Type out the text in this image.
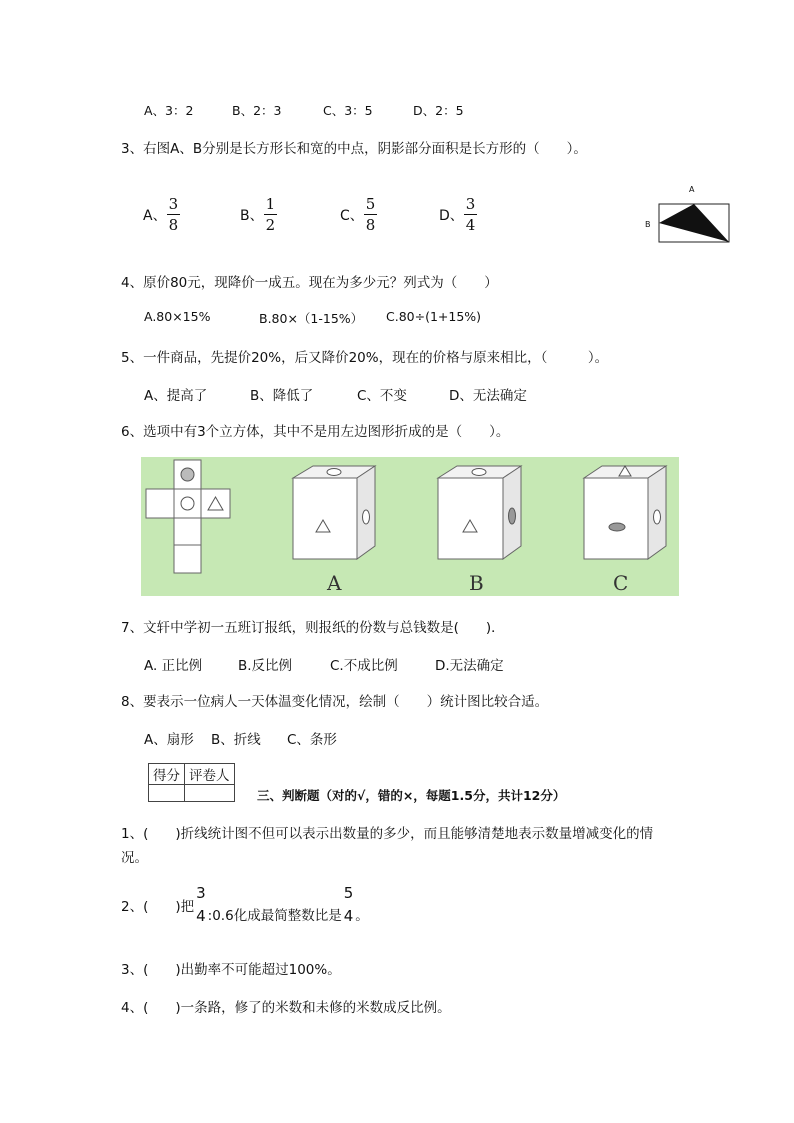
A、3：2	B、2：3	C、3：5	D、2：5
3、右图A、B分别是长方形长和宽的中点，阴影部分面积是长方形的（　　）。
A、 $\frac{3}{8}$	B、 $\frac{1}{2}$	C、 $\frac{5}{8}$	D、 $\frac{3}{4}$
A
B
4、原价80元，现降价一成五。现在为多少元？列式为（　　）
A.80×15%	B.80×（1-15%） C.80÷(1+15%)
5、一件商品，先提价20%，后又降价20%，现在的价格与原来相比，（　　　）。
A、提高了	B、降低了	C、不变	D、无法确定
6、选项中有3个立方体，其中不是用左边图形折成的是（　　）。
A	B	C
7、文轩中学初一五班订报纸，则报纸的份数与总钱数是(　　)．
A. 正比例	B.反比例	C.不成比例	D.无法确定
8、要表示一位病人一天体温变化情况，绘制（　　）统计图比较合适。
A、扇形 B、折线 C、条形
得分	评卷人

三、判断题（对的√，错的×，每题1.5分，共计12分）
1、(　　)折线统计图不但可以表示出数量的多少，而且能够清楚地表示数量增减变化的情
况。
2、(　　)把
3
4 :0.6化成最简整数比是
5
4 。
3、(　　)出勤率不可能超过100%。
4、(　　)一条路，修了的米数和未修的米数成反比例。
